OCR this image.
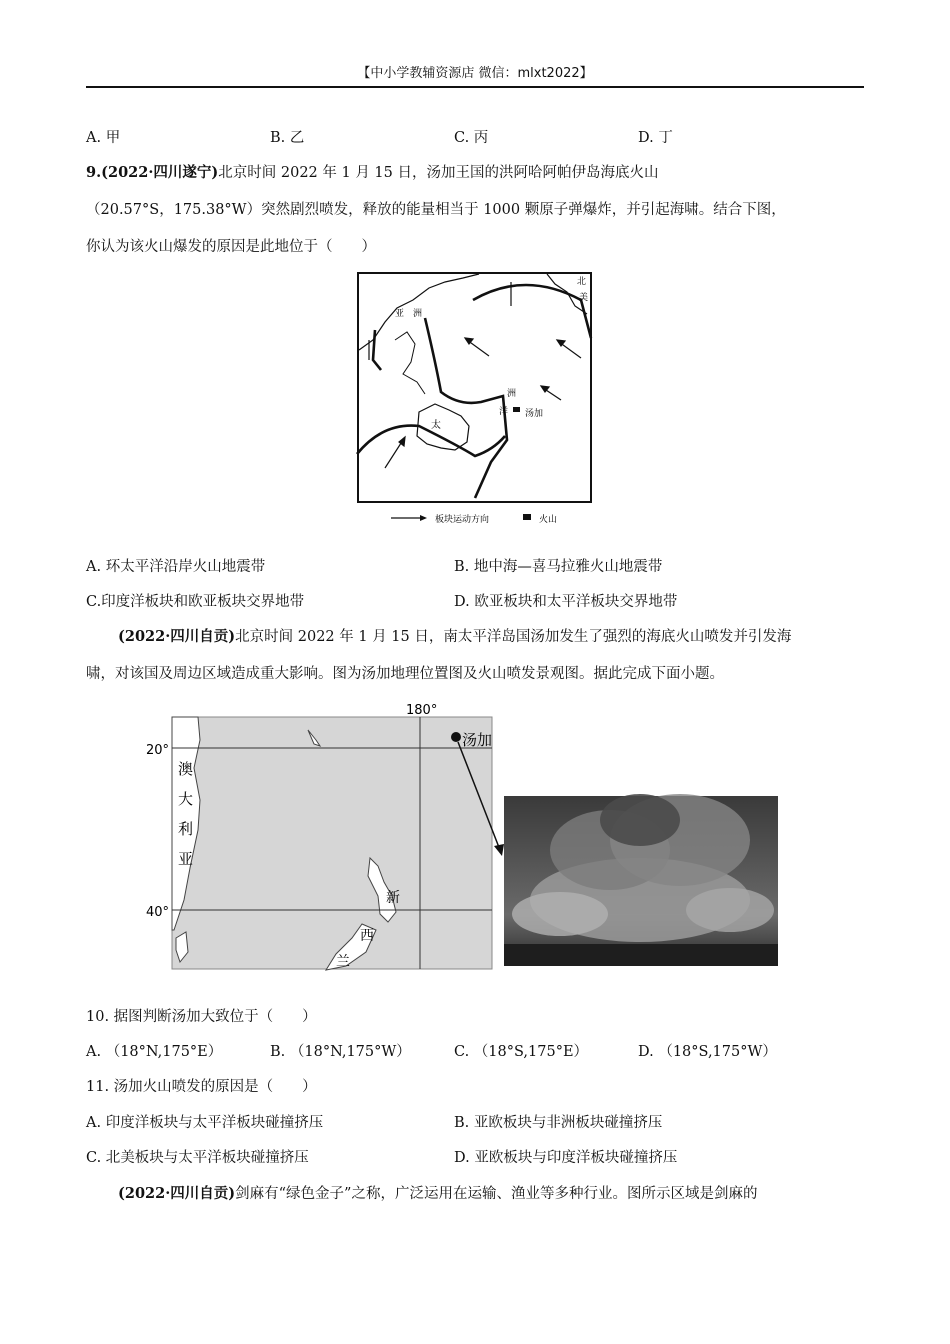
【中小学教辅资源店 微信：mlxt2022】
A. 甲	B. 乙	C. 丙	D. 丁
9.(2022·四川遂宁)北京时间 2022 年 1 月 15 日，汤加王国的洪阿哈阿帕伊岛海底火山
（20.57°S，175.38°W）突然剧烈喷发，释放的能量相当于 1000 颗原子弹爆炸，并引起海啸。结合下图，
你认为该火山爆发的原因是此地位于（　　）
亚　洲
北
美
洲
洋
太
汤加
板块运动方向	火山
A. 环太平洋沿岸火山地震带	B. 地中海—喜马拉雅火山地震带
C.印度洋板块和欧亚板块交界地带	D. 欧亚板块和太平洋板块交界地带
(2022·四川自贡)北京时间 2022 年 1 月 15 日，南太平洋岛国汤加发生了强烈的海底火山喷发并引发海
啸，对该国及周边区域造成重大影响。图为汤加地理位置图及火山喷发景观图。据此完成下面小题。
180°
20°
40°
澳
大
利
亚
新
西
兰
汤加
10. 据图判断汤加大致位于（　　）
A. （18°N,175°E）	B. （18°N,175°W）	C. （18°S,175°E）	D. （18°S,175°W）
11. 汤加火山喷发的原因是（　　）
A. 印度洋板块与太平洋板块碰撞挤压	B. 亚欧板块与非洲板块碰撞挤压
C. 北美板块与太平洋板块碰撞挤压	D. 亚欧板块与印度洋板块碰撞挤压
(2022·四川自贡)剑麻有“绿色金子”之称，广泛运用在运输、渔业等多种行业。图所示区域是剑麻的
